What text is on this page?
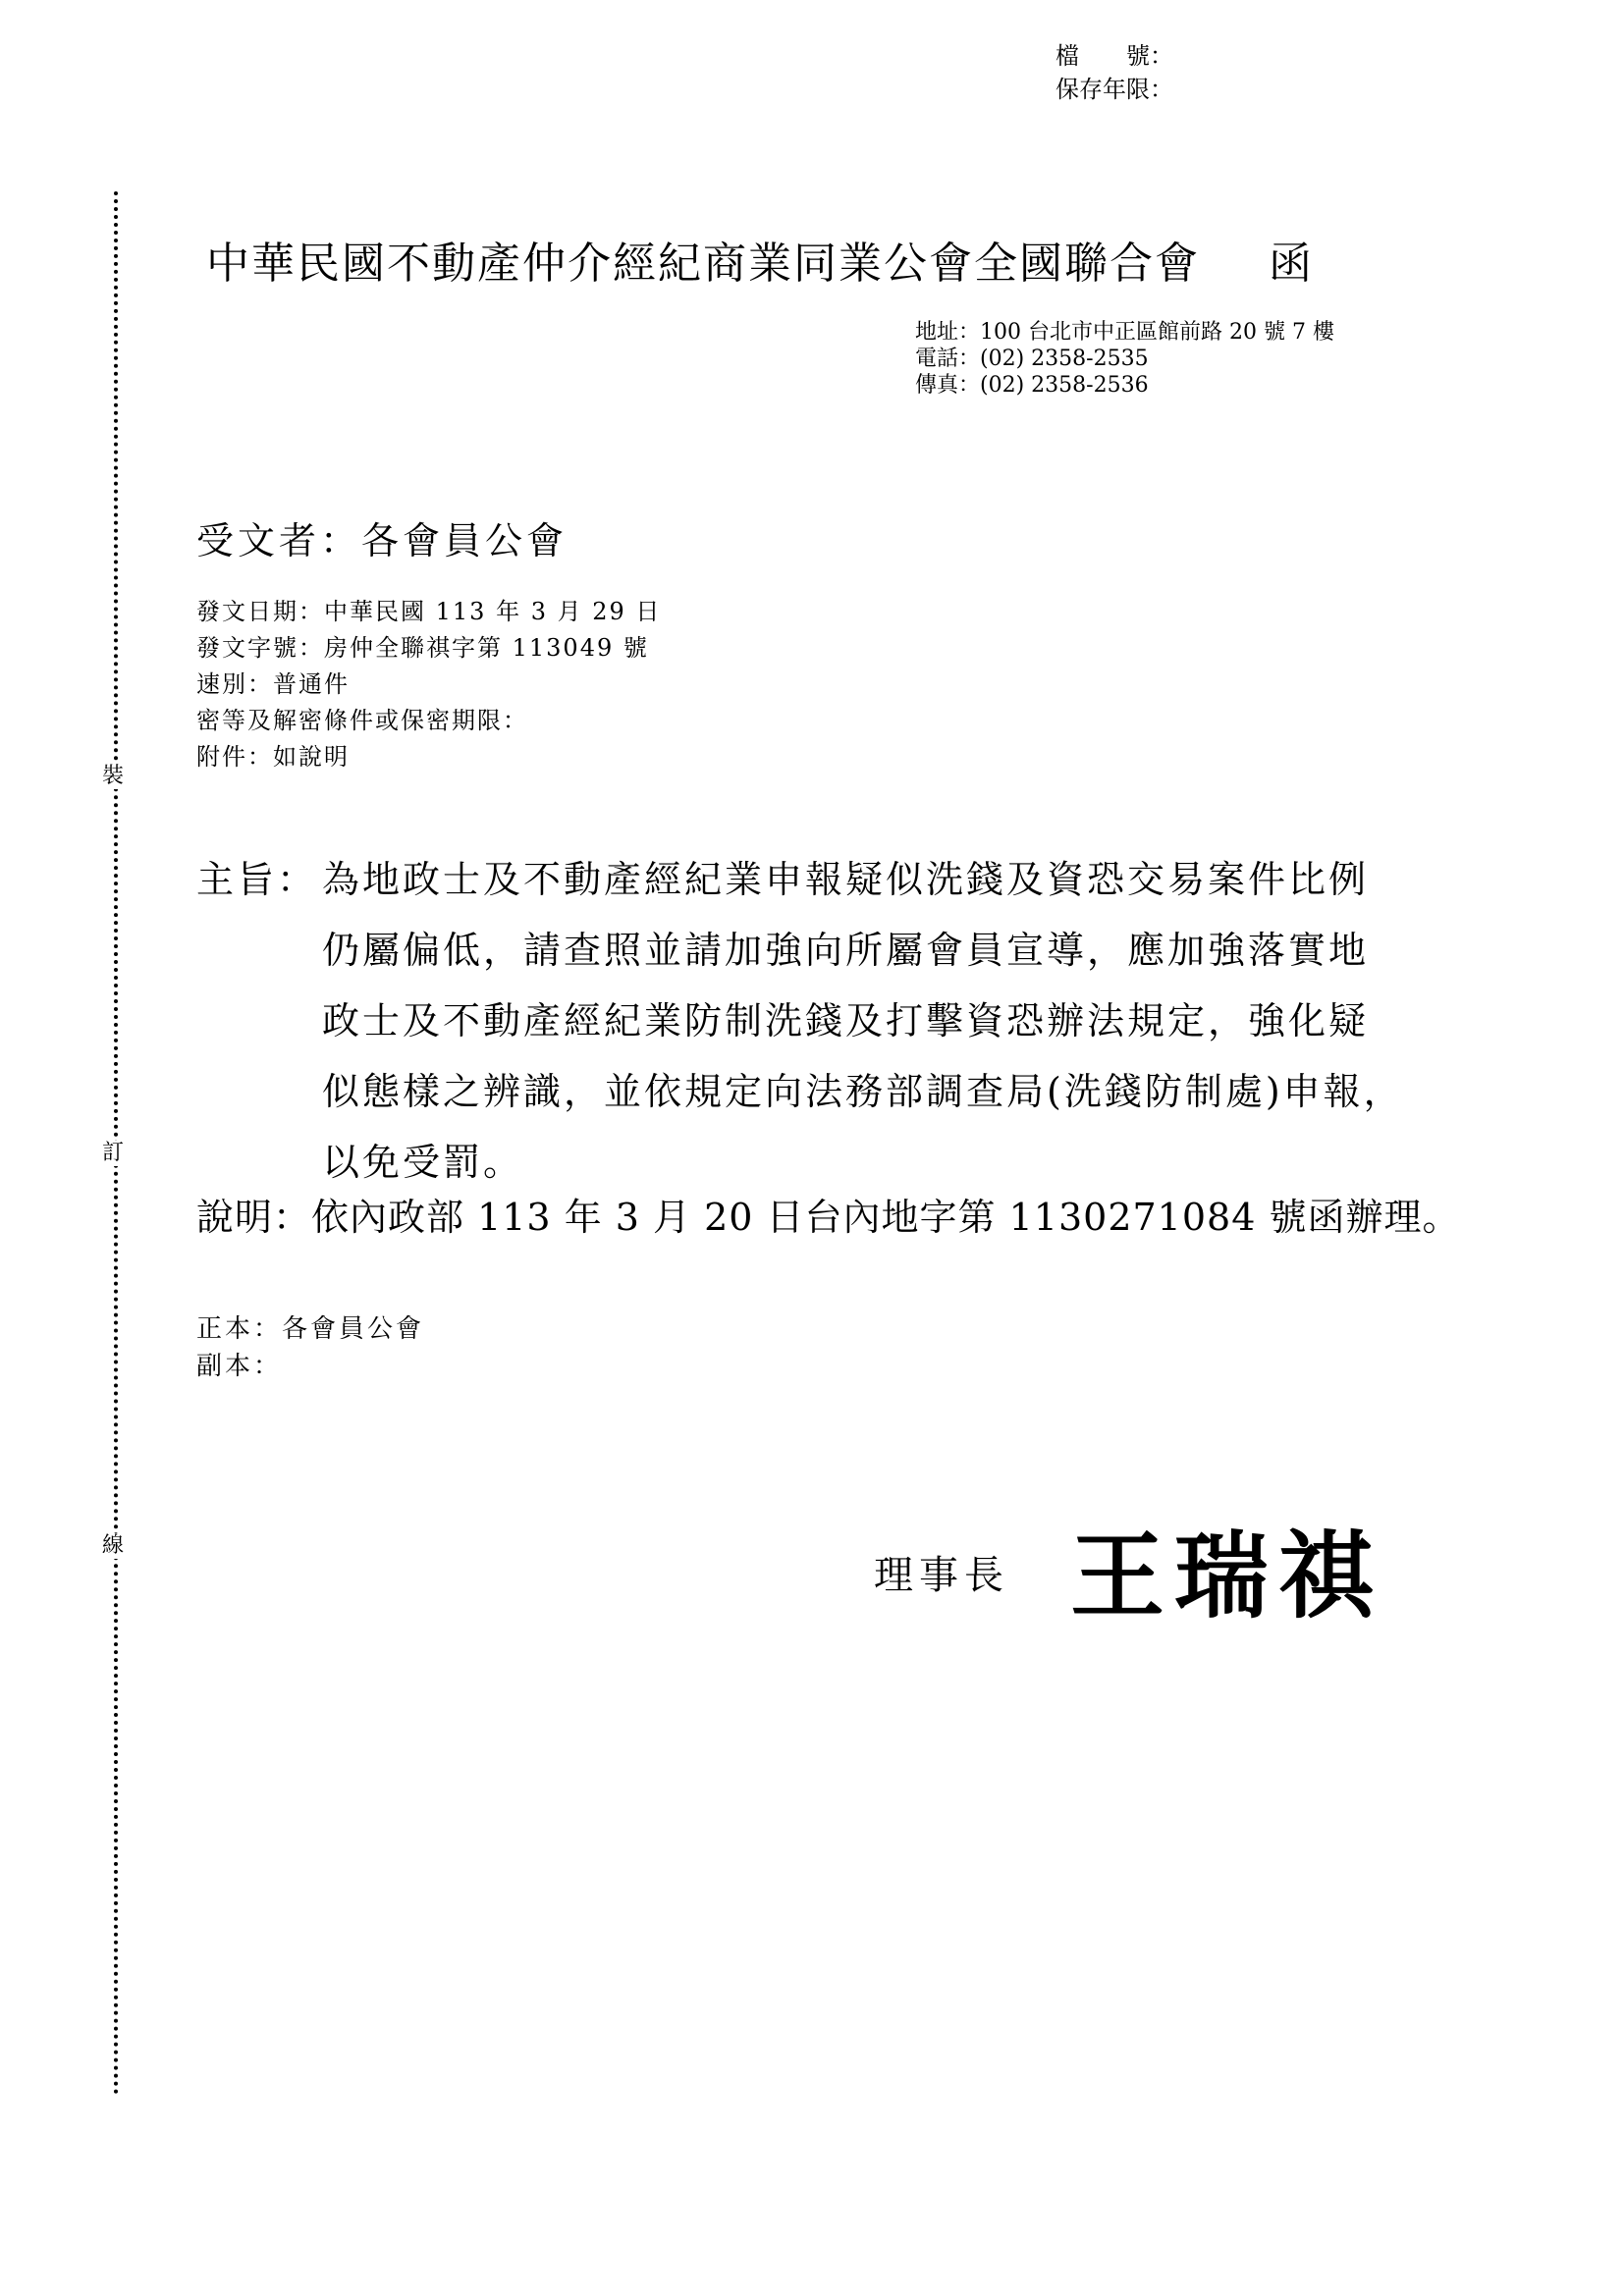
檔　　號：
保存年限：
裝
訂
線
中華民國不動產仲介經紀商業同業公會全國聯合會 函
地址：100 台北市中正區館前路 20 號 7 樓
電話：(02) 2358-2535
傳真：(02) 2358-2536
受文者：各會員公會
發文日期：中華民國 113 年 3 月 29 日
發文字號：房仲全聯祺字第 113049 號
速別：普通件
密等及解密條件或保密期限：
附件：如說明
主旨： 為地政士及不動產經紀業申報疑似洗錢及資恐交易案件比例
仍屬偏低，請查照並請加強向所屬會員宣導，應加強落實地
政士及不動產經紀業防制洗錢及打擊資恐辦法規定，強化疑
似態樣之辨識，並依規定向法務部調查局(洗錢防制處)申報，
以免受罰。
說明：依內政部 113 年 3 月 20 日台內地字第 1130271084 號函辦理。
正本：各會員公會
副本：
理事長 王瑞祺
